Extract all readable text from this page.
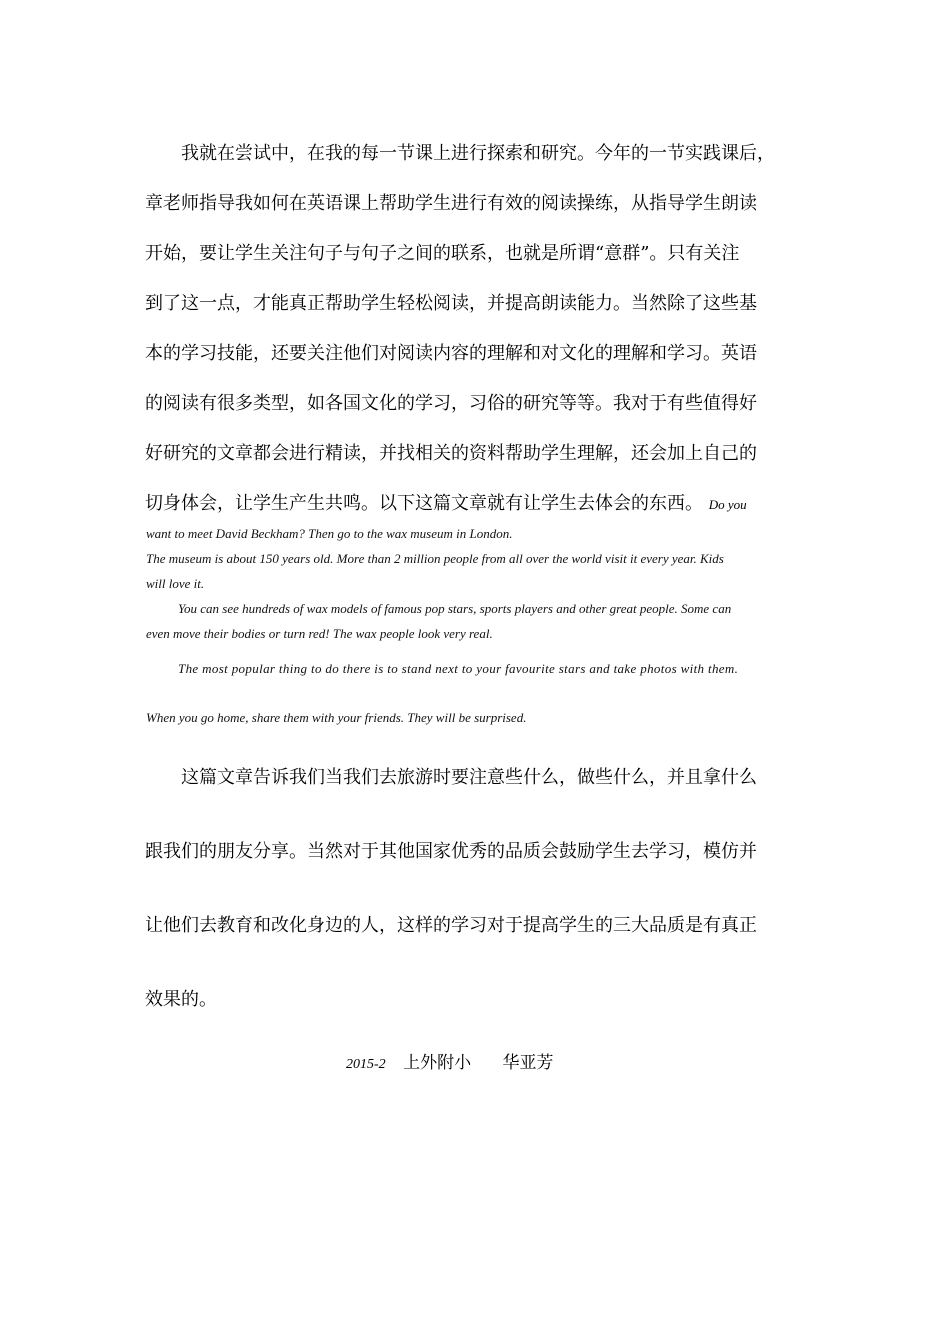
我就在尝试中，在我的每一节课上进行探索和研究。今年的一节实践课后，
章老师指导我如何在英语课上帮助学生进行有效的阅读操练，从指导学生朗读
开始，要让学生关注句子与句子之间的联系，也就是所谓“意群”。只有关注
到了这一点，才能真正帮助学生轻松阅读，并提高朗读能力。当然除了这些基
本的学习技能，还要关注他们对阅读内容的理解和对文化的理解和学习。英语
的阅读有很多类型，如各国文化的学习，习俗的研究等等。我对于有些值得好
好研究的文章都会进行精读，并找相关的资料帮助学生理解，还会加上自己的
切身体会，让学生产生共鸣。以下这篇文章就有让学生去体会的东西。 Do you
want to meet David Beckham? Then go to the wax museum in London.
The museum is about 150 years old. More than 2 million people from all over the world visit it every year. Kids
will love it.
You can see hundreds of wax models of famous pop stars, sports players and other great people. Some can
even move their bodies or turn red! The wax people look very real.
The most popular thing to do there is to stand next to your favourite stars and take photos with them.
When you go home, share them with your friends. They will be surprised.
这篇文章告诉我们当我们去旅游时要注意些什么，做些什么，并且拿什么
跟我们的朋友分享。当然对于其他国家优秀的品质会鼓励学生去学习，模仿并
让他们去教育和改化身边的人，这样的学习对于提高学生的三大品质是有真正
效果的。
2015-2 上外附小 华亚芳
